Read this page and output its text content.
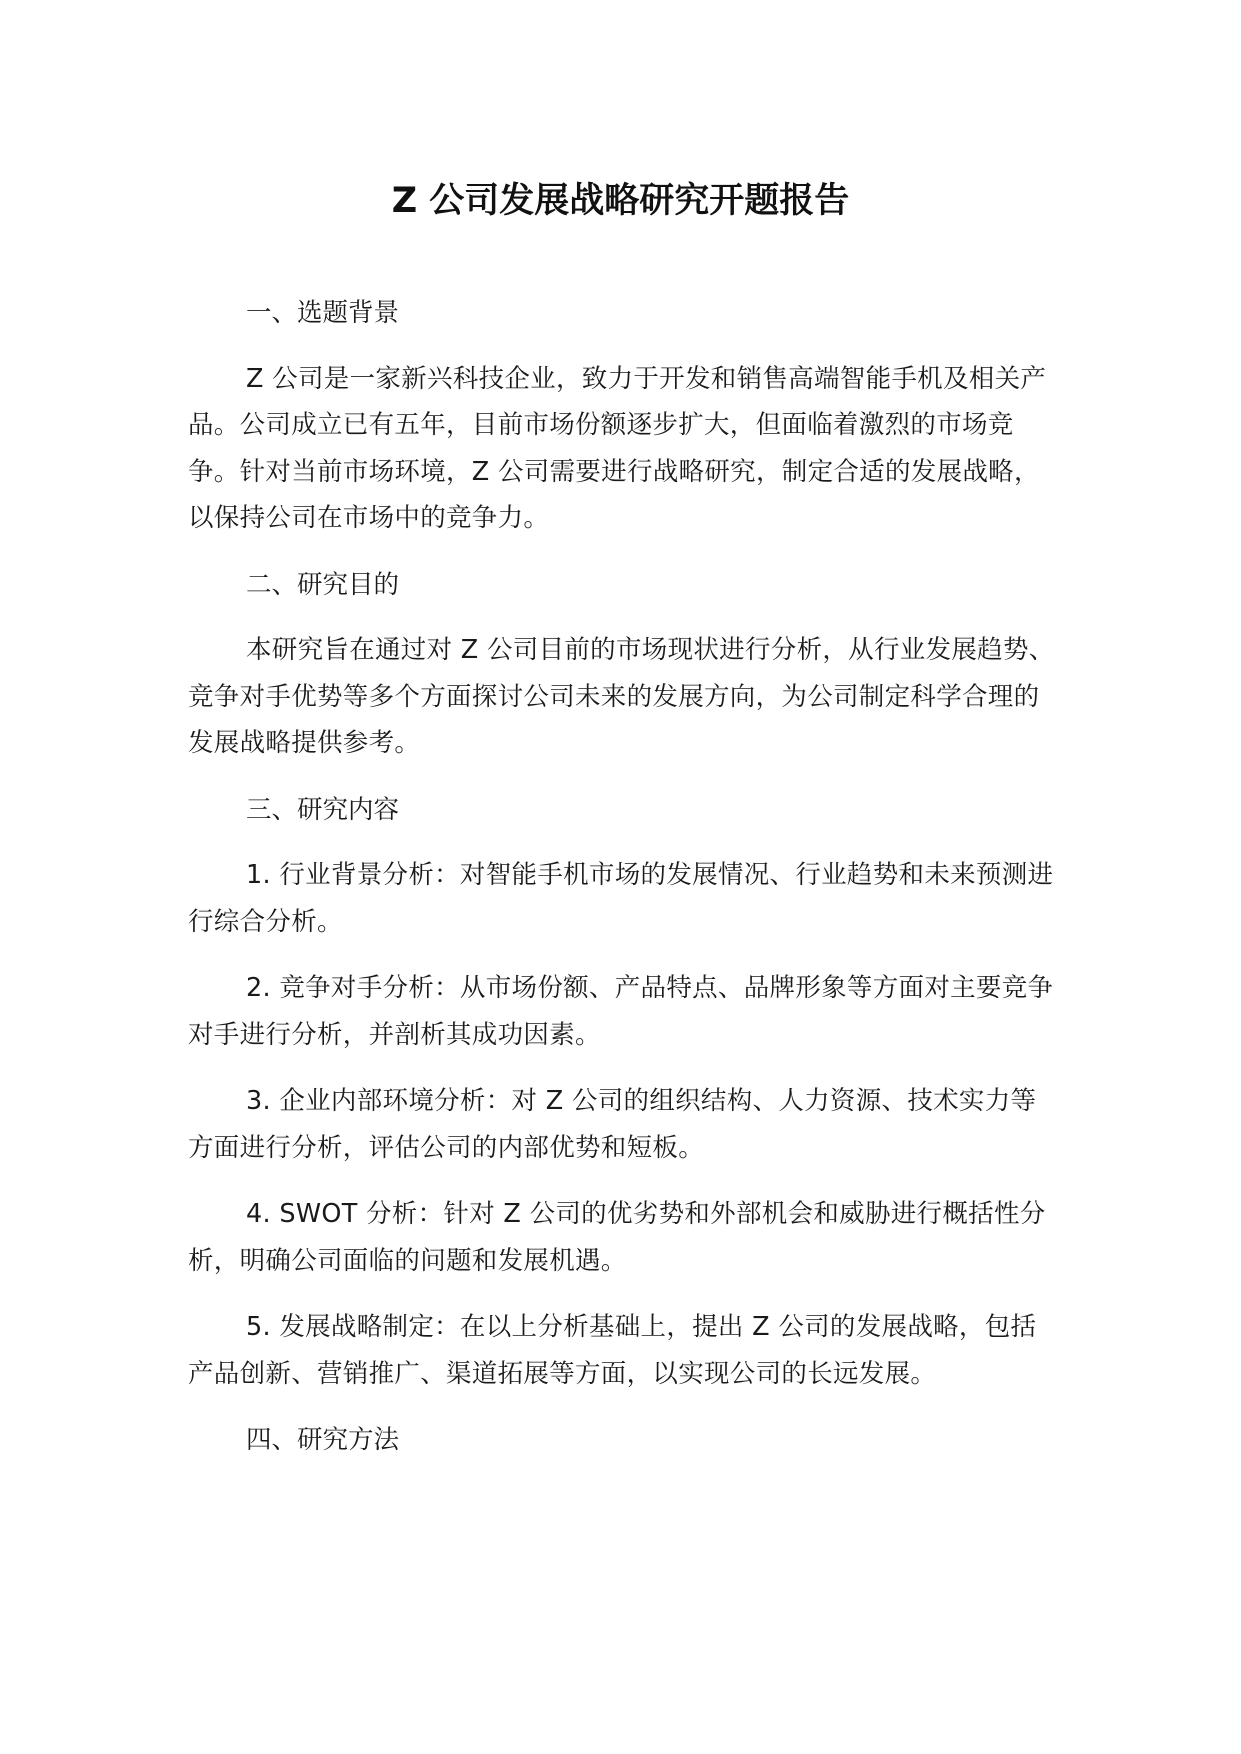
Z 公司发展战略研究开题报告

一、选题背景

Z 公司是一家新兴科技企业，致力于开发和销售高端智能手机及相关产品。公司成立已有五年，目前市场份额逐步扩大，但面临着激烈的市场竞争。针对当前市场环境，Z 公司需要进行战略研究，制定合适的发展战略，以保持公司在市场中的竞争力。

二、研究目的

本研究旨在通过对 Z 公司目前的市场现状进行分析，从行业发展趋势、竞争对手优势等多个方面探讨公司未来的发展方向，为公司制定科学合理的发展战略提供参考。

三、研究内容

1. 行业背景分析：对智能手机市场的发展情况、行业趋势和未来预测进行综合分析。

2. 竞争对手分析：从市场份额、产品特点、品牌形象等方面对主要竞争对手进行分析，并剖析其成功因素。

3. 企业内部环境分析：对 Z 公司的组织结构、人力资源、技术实力等方面进行分析，评估公司的内部优势和短板。

4. SWOT 分析：针对 Z 公司的优劣势和外部机会和威胁进行概括性分析，明确公司面临的问题和发展机遇。

5. 发展战略制定：在以上分析基础上，提出 Z 公司的发展战略，包括产品创新、营销推广、渠道拓展等方面，以实现公司的长远发展。

四、研究方法
